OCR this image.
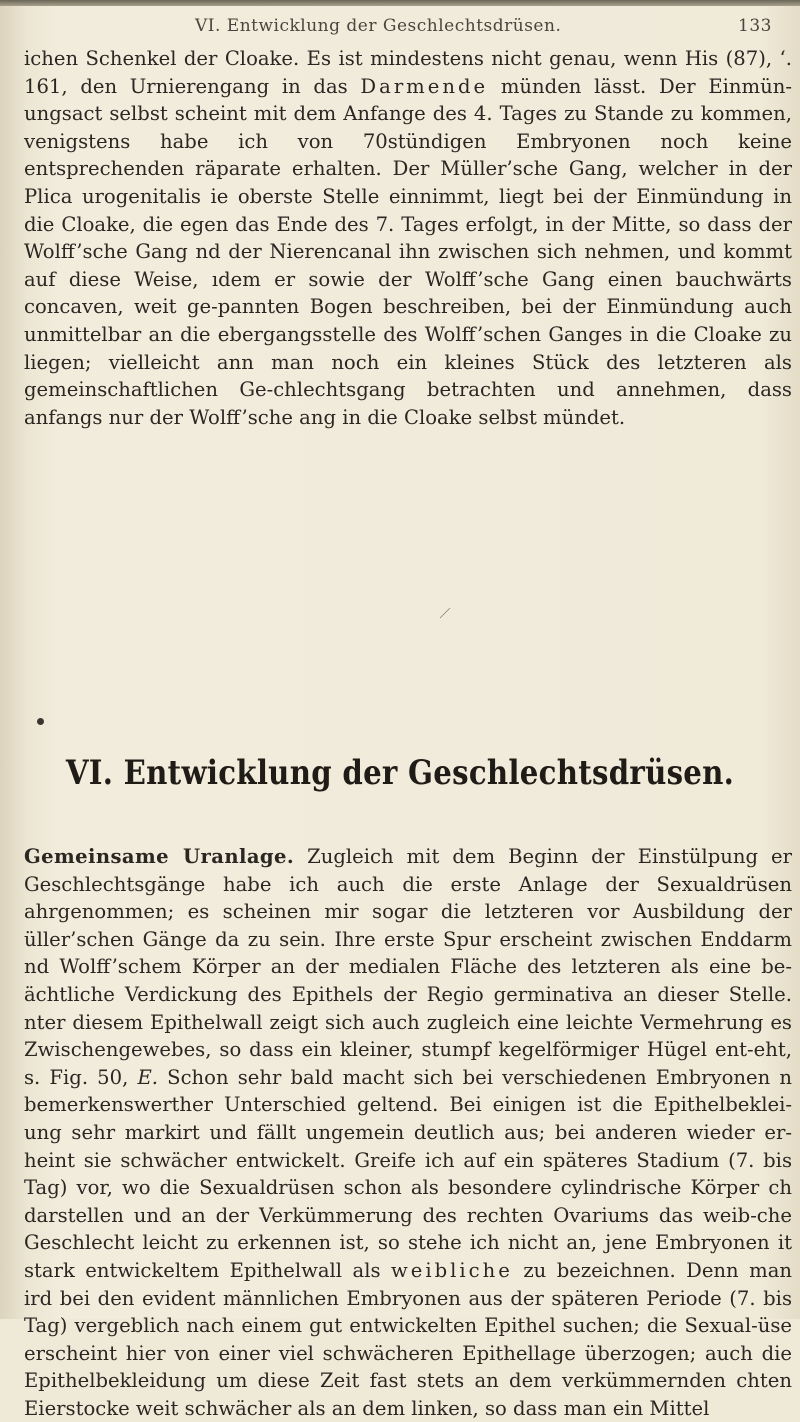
VI. Entwicklung der Geschlechtsdrüsen.	133

ichen Schenkel der Cloake. Es ist mindestens nicht genau, wenn His (87), ‘. 161, den Urnierengang in das Darmende münden lässt. Der Einmün-ungsact selbst scheint mit dem Anfange des 4. Tages zu Stande zu kommen, venigstens habe ich von 70stündigen Embryonen noch keine entsprechenden räparate erhalten. Der Müller’sche Gang, welcher in der Plica urogenitalis ie oberste Stelle einnimmt, liegt bei der Einmündung in die Cloake, die egen das Ende des 7. Tages erfolgt, in der Mitte, so dass der Wolff’sche Gang nd der Nierencanal ihn zwischen sich nehmen, und kommt auf diese Weise, ıdem er sowie der Wolff’sche Gang einen bauchwärts concaven, weit ge-pannten Bogen beschreiben, bei der Einmündung auch unmittelbar an die ebergangsstelle des Wolff’schen Ganges in die Cloake zu liegen; vielleicht ann man noch ein kleines Stück des letzteren als gemeinschaftlichen Ge-chlechtsgang betrachten und annehmen, dass anfangs nur der Wolff’sche ang in die Cloake selbst mündet.

VI. Entwicklung der Geschlechtsdrüsen.

Gemeinsame Uranlage. Zugleich mit dem Beginn der Einstülpung er Geschlechtsgänge habe ich auch die erste Anlage der Sexualdrüsen ahrgenommen; es scheinen mir sogar die letzteren vor Ausbildung der üller’schen Gänge da zu sein. Ihre erste Spur erscheint zwischen Enddarm nd Wolff’schem Körper an der medialen Fläche des letzteren als eine be-ächtliche Verdickung des Epithels der Regio germinativa an dieser Stelle. nter diesem Epithelwall zeigt sich auch zugleich eine leichte Vermehrung es Zwischengewebes, so dass ein kleiner, stumpf kegelförmiger Hügel ent-eht, s. Fig. 50, E. Schon sehr bald macht sich bei verschiedenen Embryonen n bemerkenswerther Unterschied geltend. Bei einigen ist die Epithelbeklei-ung sehr markirt und fällt ungemein deutlich aus; bei anderen wieder er-heint sie schwächer entwickelt. Greife ich auf ein späteres Stadium (7. bis Tag) vor, wo die Sexualdrüsen schon als besondere cylindrische Körper ch darstellen und an der Verkümmerung des rechten Ovariums das weib-che Geschlecht leicht zu erkennen ist, so stehe ich nicht an, jene Embryonen it stark entwickeltem Epithelwall als weibliche zu bezeichnen. Denn man ird bei den evident männlichen Embryonen aus der späteren Periode (7. bis Tag) vergeblich nach einem gut entwickelten Epithel suchen; die Sexual-üse erscheint hier von einer viel schwächeren Epithellage überzogen; auch die Epithelbekleidung um diese Zeit fast stets an dem verkümmernden chten Eierstocke weit schwächer als an dem linken, so dass man ein Mittel
